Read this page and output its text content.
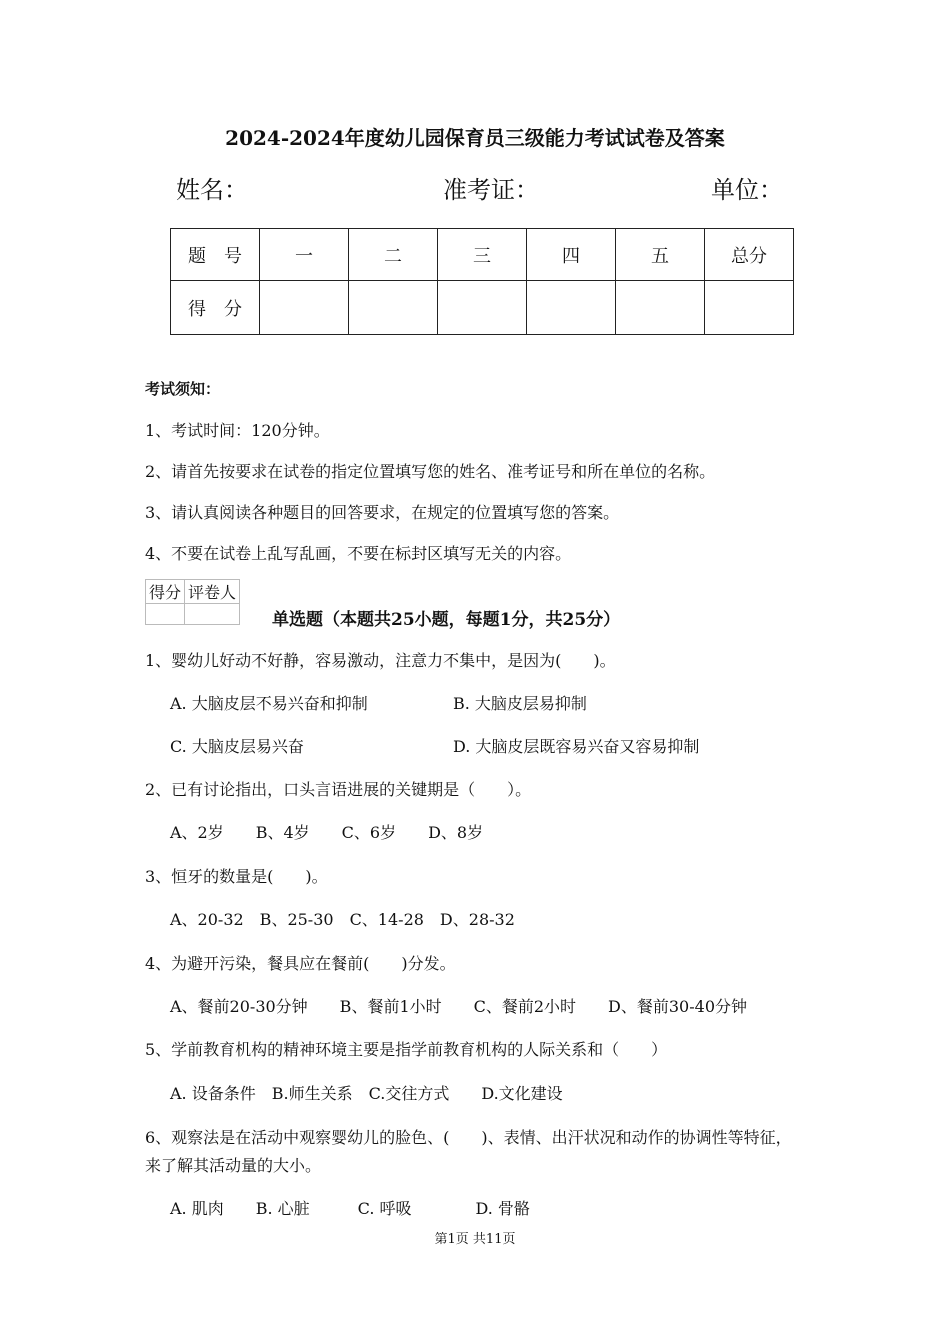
2024-2024年度幼儿园保育员三级能力考试试卷及答案
姓名：	准考证：	单位：
题　号	一	二	三	四	五	总分
得　分						
考试须知：
1、考试时间：120分钟。
2、请首先按要求在试卷的指定位置填写您的姓名、准考证号和所在单位的名称。
3、请认真阅读各种题目的回答要求，在规定的位置填写您的答案。
4、不要在试卷上乱写乱画，不要在标封区填写无关的内容。
得分	评卷人

单选题（本题共25小题，每题1分，共25分）
1、婴幼儿好动不好静，容易激动，注意力不集中，是因为(　　)。
A. 大脑皮层不易兴奋和抑制	B. 大脑皮层易抑制
C. 大脑皮层易兴奋	D. 大脑皮层既容易兴奋又容易抑制
2、已有讨论指出，口头言语进展的关键期是（　　）。
A、2岁　　B、4岁　　C、6岁　　D、8岁
3、恒牙的数量是(　　)。
A、20-32　B、25-30　C、14-28　D、28-32
4、为避开污染，餐具应在餐前(　　)分发。
A、餐前20-30分钟　　B、餐前1小时　　C、餐前2小时　　D、餐前30-40分钟
5、学前教育机构的精神环境主要是指学前教育机构的人际关系和（　　）
A. 设备条件　B.师生关系　C.交往方式　　D.文化建设
6、观察法是在活动中观察婴幼儿的脸色、(　　)、表情、出汗状况和动作的协调性等特征，
来了解其活动量的大小。
A. 肌肉　　B. 心脏　　　C. 呼吸　　　　D. 骨骼
第1页 共11页
